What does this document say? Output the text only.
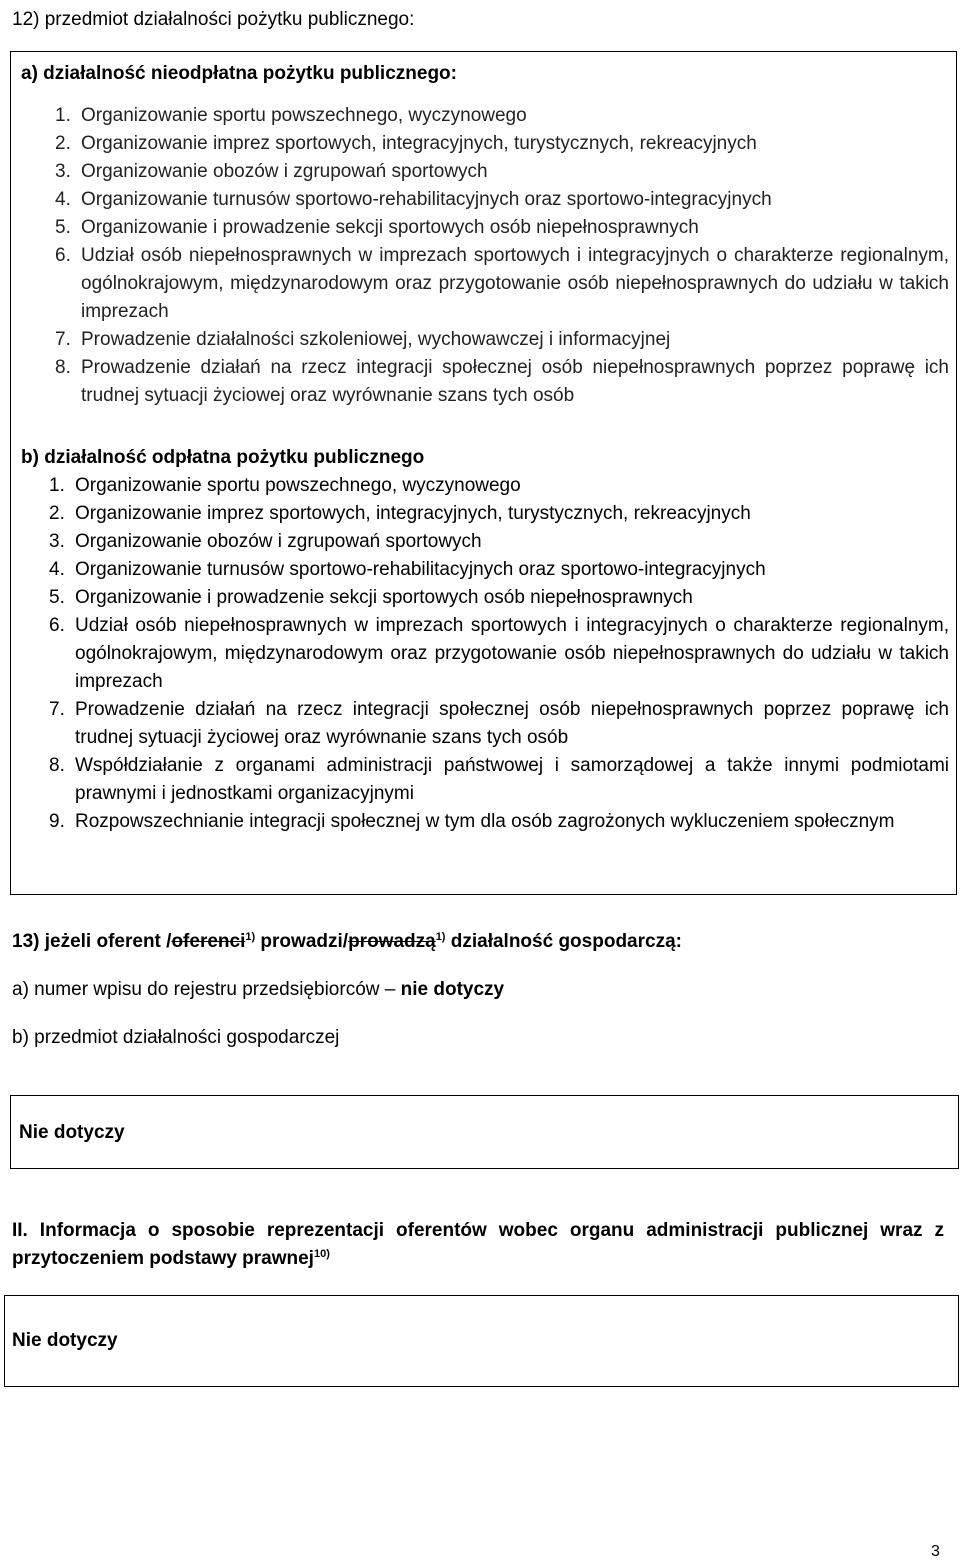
12) przedmiot działalności pożytku publicznego:
a) działalność nieodpłatna pożytku publicznego:
1. Organizowanie sportu powszechnego, wyczynowego
2. Organizowanie imprez sportowych, integracyjnych, turystycznych, rekreacyjnych
3. Organizowanie obozów i zgrupowań sportowych
4. Organizowanie turnusów sportowo-rehabilitacyjnych oraz sportowo-integracyjnych
5. Organizowanie i prowadzenie sekcji sportowych osób niepełnosprawnych
6. Udział osób niepełnosprawnych w imprezach sportowych i integracyjnych o charakterze regionalnym, ogólnokrajowym, międzynarodowym oraz przygotowanie osób niepełnosprawnych do udziału w takich imprezach
7. Prowadzenie działalności szkoleniowej, wychowawczej i informacyjnej
8. Prowadzenie działań na rzecz integracji społecznej osób niepełnosprawnych poprzez poprawę ich trudnej sytuacji życiowej oraz wyrównanie szans tych osób
b) działalność odpłatna pożytku publicznego
1. Organizowanie sportu powszechnego, wyczynowego
2. Organizowanie imprez sportowych, integracyjnych, turystycznych, rekreacyjnych
3. Organizowanie obozów i zgrupowań sportowych
4. Organizowanie turnusów sportowo-rehabilitacyjnych oraz sportowo-integracyjnych
5. Organizowanie i prowadzenie sekcji sportowych osób niepełnosprawnych
6. Udział osób niepełnosprawnych w imprezach sportowych i integracyjnych o charakterze regionalnym, ogólnokrajowym, międzynarodowym oraz przygotowanie osób niepełnosprawnych do udziału w takich imprezach
7. Prowadzenie działań na rzecz integracji społecznej osób niepełnosprawnych poprzez poprawę ich trudnej sytuacji życiowej oraz wyrównanie szans tych osób
8. Współdziałanie z organami administracji państwowej i samorządowej a także innymi podmiotami prawnymi i jednostkami organizacyjnymi
9. Rozpowszechnianie integracji społecznej w tym dla osób zagrożonych wykluczeniem społecznym
13) jeżeli oferent /oferenci$^{1)}$ prowadzi/prowadzą$^{1)}$ działalność gospodarczą:
a) numer wpisu do rejestru przedsiębiorców – nie dotyczy
b) przedmiot działalności gospodarczej
Nie dotyczy
II. Informacja o sposobie reprezentacji oferentów wobec organu administracji publicznej wraz z przytoczeniem podstawy prawnej$^{10)}$
Nie dotyczy
3
